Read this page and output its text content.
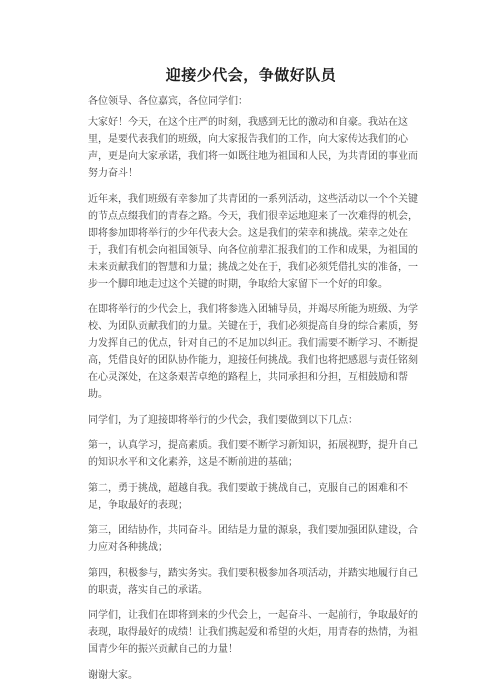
迎接少代会，争做好队员

各位领导、各位嘉宾，各位同学们：

大家好！今天，在这个庄严的时刻，我感到无比的激动和自豪。我站在这里，是要代表我们的班级，向大家报告我们的工作，向大家传达我们的心声，更是向大家承诺，我们将一如既往地为祖国和人民，为共青团的事业而努力奋斗！

近年来，我们班级有幸参加了共青团的一系列活动，这些活动以一个个关键的节点点缀我们的青春之路。今天，我们很幸运地迎来了一次难得的机会，即将参加即将举行的少年代表大会。这是我们的荣幸和挑战。荣幸之处在于，我们有机会向祖国领导、向各位前辈汇报我们的工作和成果，为祖国的未来贡献我们的智慧和力量；挑战之处在于，我们必须凭借扎实的准备，一步一个脚印地走过这个关键的时期，争取给大家留下一个好的印象。

在即将举行的少代会上，我们将参选入团辅导员，并竭尽所能为班级、为学校、为团队贡献我们的力量。关键在于，我们必须提高自身的综合素质，努力发挥自己的优点，针对自己的不足加以纠正。我们需要不断学习、不断提高，凭借良好的团队协作能力，迎接任何挑战。我们也将把感恩与责任铭刻在心灵深处，在这条艰苦卓绝的路程上，共同承担和分担，互相鼓励和帮助。

同学们，为了迎接即将举行的少代会，我们要做到以下几点：

第一，认真学习，提高素质。我们要不断学习新知识，拓展视野，提升自己的知识水平和文化素养，这是不断前进的基础；

第二，勇于挑战，超越自我。我们要敢于挑战自己，克服自己的困难和不足，争取最好的表现；

第三，团结协作，共同奋斗。团结是力量的源泉，我们要加强团队建设，合力应对各种挑战；

第四，积极参与，踏实务实。我们要积极参加各项活动，并踏实地履行自己的职责，落实自己的承诺。

同学们，让我们在即将到来的少代会上，一起奋斗、一起前行，争取最好的表现，取得最好的成绩！让我们携起爱和希望的火炬，用青春的热情，为祖国青少年的振兴贡献自己的力量！

谢谢大家。
